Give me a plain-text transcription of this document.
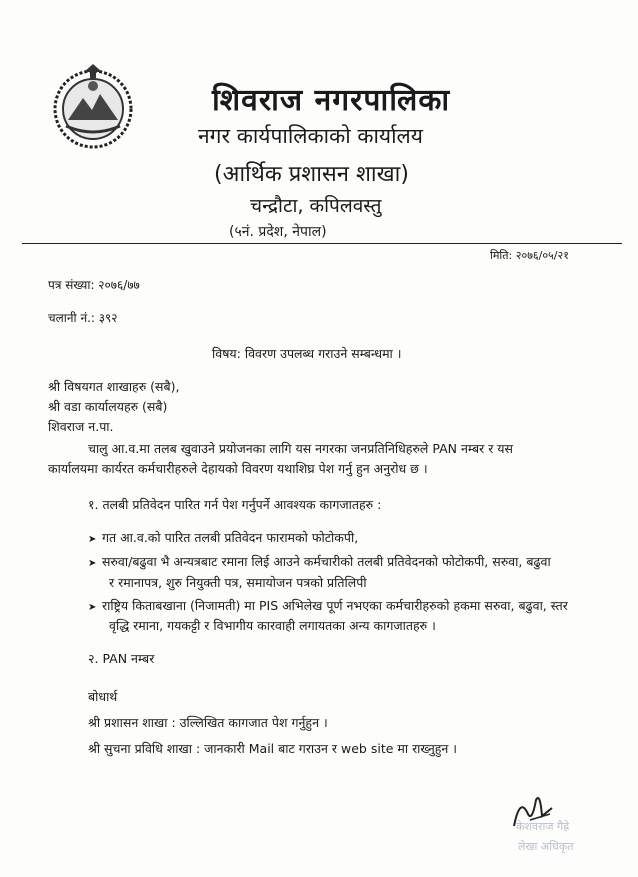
शिवराज नगरपालिका
नगर कार्यपालिकाको कार्यालय
(आर्थिक प्रशासन शाखा)
चन्द्रौटा, कपिलवस्तु
(५नं. प्रदेश, नेपाल)
मिति: २०७६/०५/२१
पत्र संख्या: २०७६/७७
चलानी नं.: ३९२
विषय: विवरण उपलब्ध गराउने सम्बन्धमा ।
श्री विषयगत शाखाहरु (सबै),
श्री वडा कार्यालयहरु (सबै)
शिवराज न.पा.
चालु आ.व.मा तलब खुवाउने प्रयोजनका लागि यस नगरका जनप्रतिनिधिहरुले PAN नम्बर र यस
कार्यालयमा कार्यरत कर्मचारीहरुले देहायको विवरण यथाशिघ्र पेश गर्नु हुन अनुरोध छ ।
१. तलबी प्रतिवेदन पारित गर्न पेश गर्नुपर्ने आवश्यक कागजातहरु :
➤ गत आ.व.को पारित तलबी प्रतिवेदन फारामको फोटोकपी,
➤ सरुवा/बढुवा भै अन्यत्रबाट रमाना लिई आउने कर्मचारीको तलबी प्रतिवेदनको फोटोकपी, सरुवा, बढुवा
र रमानापत्र, शुरु नियुक्ती पत्र, समायोजन पत्रको प्रतिलिपी
➤ राष्ट्रिय किताबखाना (निजामती) मा PIS अभिलेख पूर्ण नभएका कर्मचारीहरुको हकमा सरुवा, बढुवा, स्तर
वृद्धि रमाना, गयकट्टी र विभागीय कारवाही लगायतका अन्य कागजातहरु ।
२. PAN नम्बर
बोधार्थ
श्री प्रशासन शाखा : उल्लिखित कागजात पेश गर्नुहुन ।
श्री सुचना प्रविधि शाखा : जानकारी Mail बाट गराउन र web site मा राख्नुहुन ।
केशवराज गैह्रे
लेखा अधिकृत
